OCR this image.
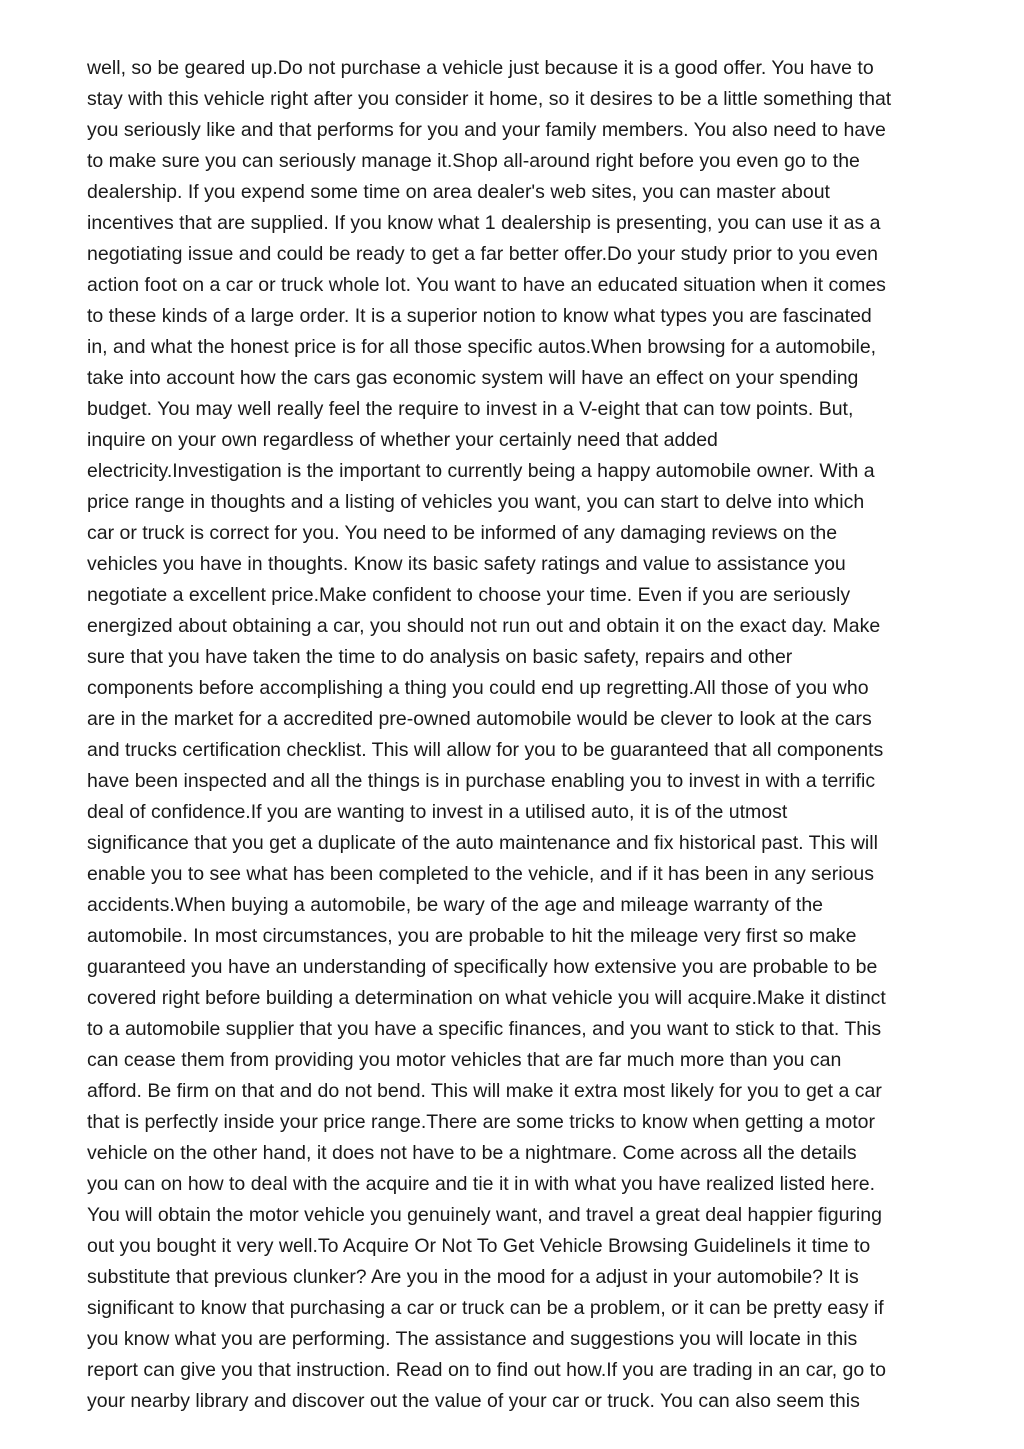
well, so be geared up.Do not purchase a vehicle just because it is a good offer. You have to
stay with this vehicle right after you consider it home, so it desires to be a little something that
you seriously like and that performs for you and your family members. You also need to have
to make sure you can seriously manage it.Shop all-around right before you even go to the
dealership. If you expend some time on area dealer's web sites, you can master about
incentives that are supplied. If you know what 1 dealership is presenting, you can use it as a
negotiating issue and could be ready to get a far better offer.Do your study prior to you even
action foot on a car or truck whole lot. You want to have an educated situation when it comes
to these kinds of a large order. It is a superior notion to know what types you are fascinated
in, and what the honest price is for all those specific autos.When browsing for a automobile,
take into account how the cars gas economic system will have an effect on your spending
budget. You may well really feel the require to invest in a V-eight that can tow points. But,
inquire on your own regardless of whether your certainly need that added
electricity.Investigation is the important to currently being a happy automobile owner. With a
price range in thoughts and a listing of vehicles you want, you can start to delve into which
car or truck is correct for you. You need to be informed of any damaging reviews on the
vehicles you have in thoughts. Know its basic safety ratings and value to assistance you
negotiate a excellent price.Make confident to choose your time. Even if you are seriously
energized about obtaining a car, you should not run out and obtain it on the exact day. Make
sure that you have taken the time to do analysis on basic safety, repairs and other
components before accomplishing a thing you could end up regretting.All those of you who
are in the market for a accredited pre-owned automobile would be clever to look at the cars
and trucks certification checklist. This will allow for you to be guaranteed that all components
have been inspected and all the things is in purchase enabling you to invest in with a terrific
deal of confidence.If you are wanting to invest in a utilised auto, it is of the utmost
significance that you get a duplicate of the auto maintenance and fix historical past. This will
enable you to see what has been completed to the vehicle, and if it has been in any serious
accidents.When buying a automobile, be wary of the age and mileage warranty of the
automobile. In most circumstances, you are probable to hit the mileage very first so make
guaranteed you have an understanding of specifically how extensive you are probable to be
covered right before building a determination on what vehicle you will acquire.Make it distinct
to a automobile supplier that you have a specific finances, and you want to stick to that. This
can cease them from providing you motor vehicles that are far much more than you can
afford. Be firm on that and do not bend. This will make it extra most likely for you to get a car
that is perfectly inside your price range.There are some tricks to know when getting a motor
vehicle on the other hand, it does not have to be a nightmare. Come across all the details
you can on how to deal with the acquire and tie it in with what you have realized listed here.
You will obtain the motor vehicle you genuinely want, and travel a great deal happier figuring
out you bought it very well.To Acquire Or Not To Get Vehicle Browsing GuidelineIs it time to
substitute that previous clunker? Are you in the mood for a adjust in your automobile? It is
significant to know that purchasing a car or truck can be a problem, or it can be pretty easy if
you know what you are performing. The assistance and suggestions you will locate in this
report can give you that instruction. Read on to find out how.If you are trading in an car, go to
your nearby library and discover out the value of your car or truck. You can also seem this
